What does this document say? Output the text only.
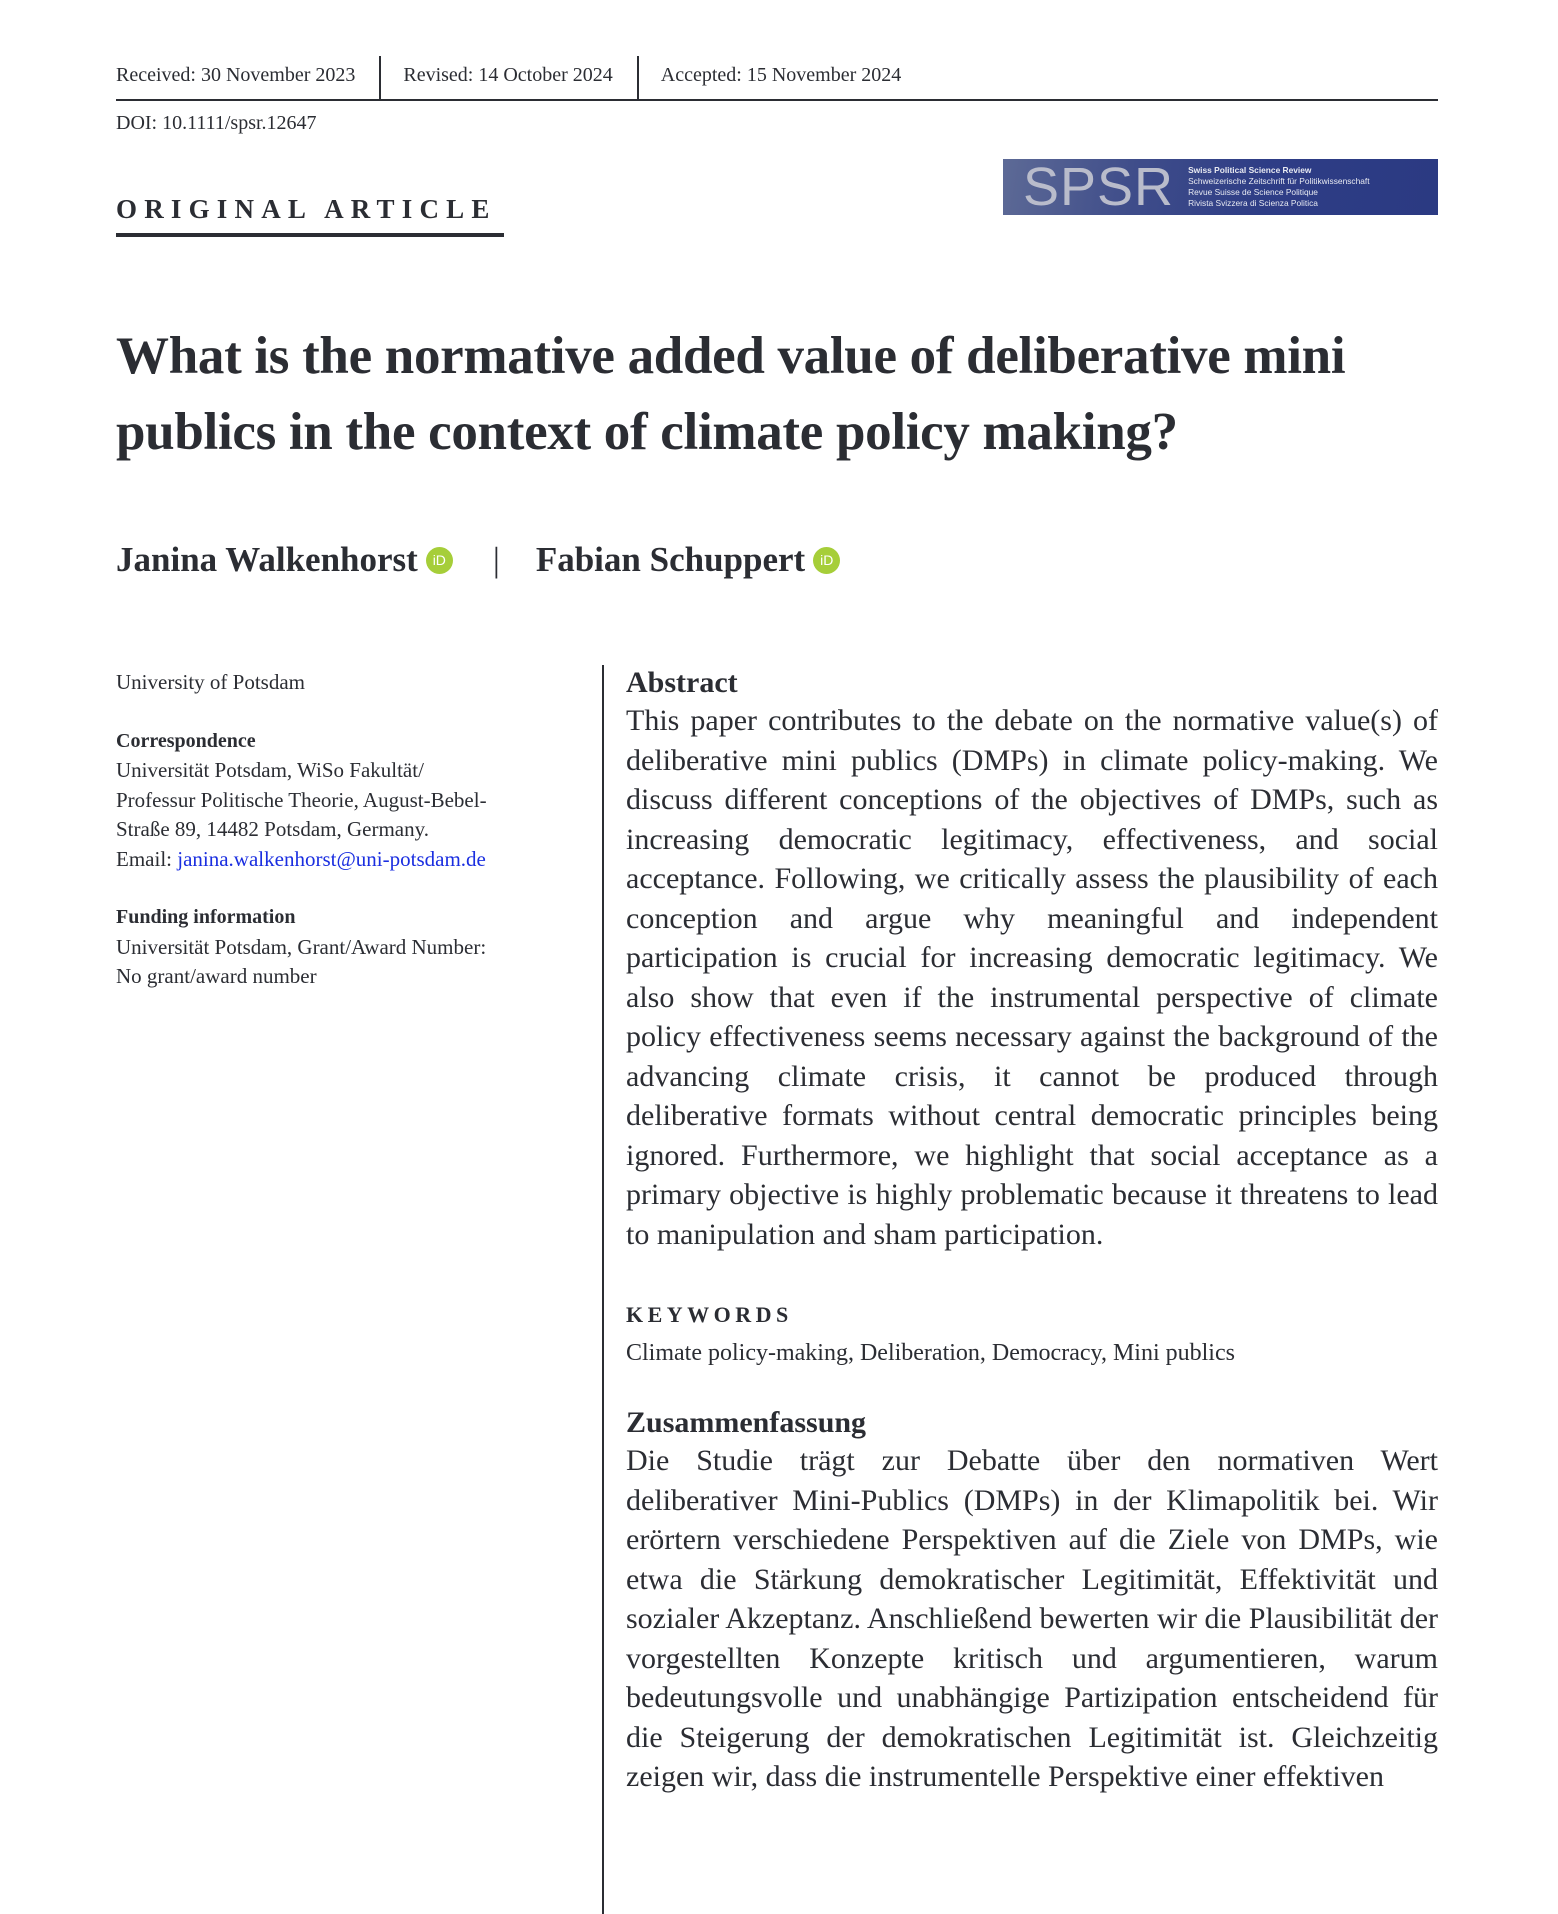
Received: 30 November 2023	Revised: 14 October 2024	Accepted: 15 November 2024
DOI: 10.1111/spsr.12647
ORIGINAL ARTICLE	SPSR Swiss Political Science Review
Schweizerische Zeitschrift für Politikwissenschaft
Revue Suisse de Science Politique
Rivista Svizzera di Scienza Politica
What is the normative added value of deliberative mini publics in the context of climate policy making?
Janina Walkenhorst	iD | Fabian Schuppert	iD
University of Potsdam
Correspondence
Universität Potsdam, WiSo Fakultät/
Professur Politische Theorie, August-Bebel-
Straße 89, 14482 Potsdam, Germany.
Email: janina.walkenhorst@uni-potsdam.de
Funding information
Universität Potsdam, Grant/Award Number:
No grant/award number
Abstract
This paper contributes to the debate on the normative value(s) of deliberative mini publics (DMPs) in climate policy-making. We discuss different conceptions of the objectives of DMPs, such as increasing democratic legitimacy, effectiveness, and social acceptance. Following, we critically assess the plausibility of each conception and argue why meaningful and independent participation is crucial for increasing democratic legitimacy. We also show that even if the instrumental perspective of climate policy effectiveness seems necessary against the background of the advancing climate crisis, it cannot be produced through deliberative formats without central democratic principles being ignored. Furthermore, we highlight that social acceptance as a primary objective is highly problematic because it threatens to lead to manipulation and sham participation.
KEYWORDS
Climate policy-making, Deliberation, Democracy, Mini publics
Zusammenfassung
Die Studie trägt zur Debatte über den normativen Wert deliberativer Mini-Publics (DMPs) in der Klimapolitik bei. Wir erörtern verschiedene Perspektiven auf die Ziele von DMPs, wie etwa die Stärkung demokratischer Legitimität, Effektivität und sozialer Akzeptanz. Anschließend bewerten wir die Plausibilität der vorgestellten Konzepte kritisch und argumentieren, warum bedeutungsvolle und unabhängige Partizipation entscheidend für die Steigerung der demokratischen Legitimität ist. Gleichzeitig zeigen wir, dass die instrumentelle Perspektive einer effektiven
